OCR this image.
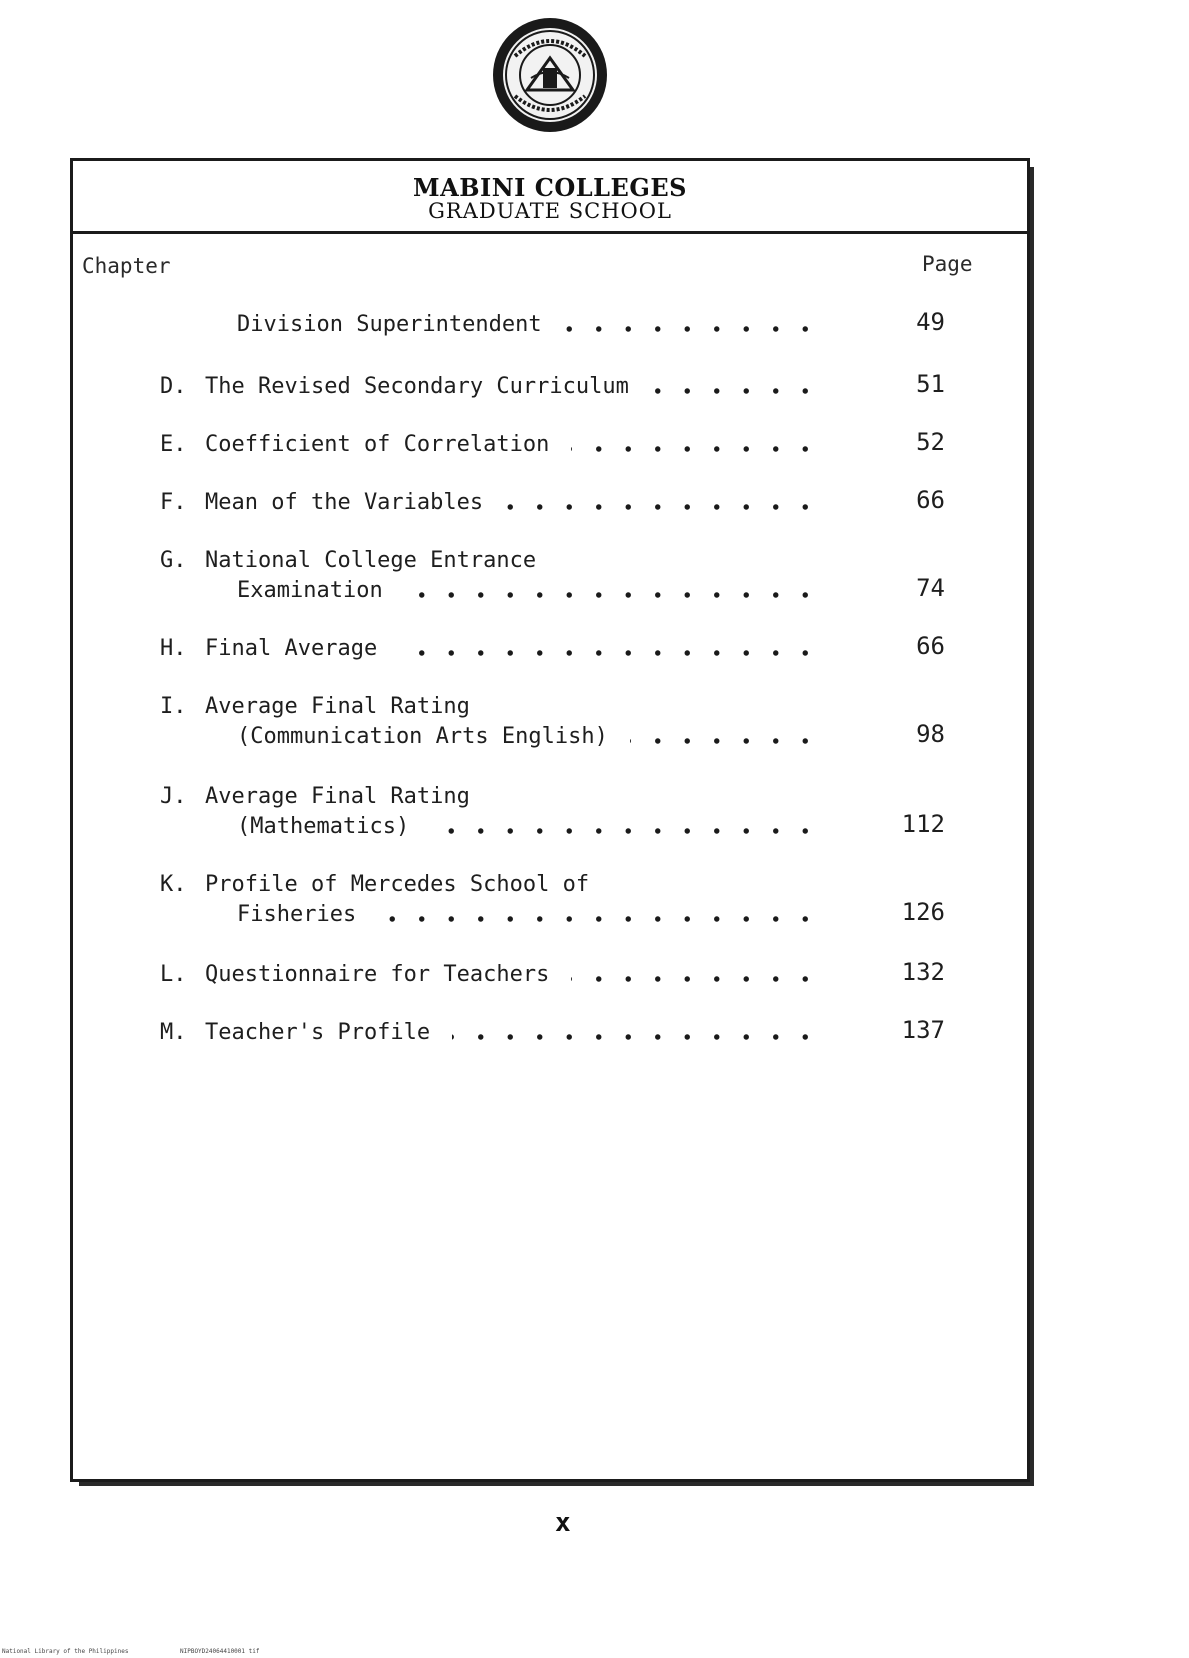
MABINI COLLEGES
GRADUATE SCHOOL
Chapter	Page
Division Superintendent	49
D. The Revised Secondary Curriculum	51
E. Coefficient of Correlation	52
F. Mean of the Variables	66
G. National College Entrance
Examination	74
H. Final Average	66
I. Average Final Rating
(Communication Arts English)	98
J. Average Final Rating
(Mathematics)	112
K. Profile of Mercedes School of
Fisheries	126
L. Questionnaire for Teachers	132
M. Teacher's Profile	137
x
National Library of the Philippines	NIPBOYD24064410001 tif
